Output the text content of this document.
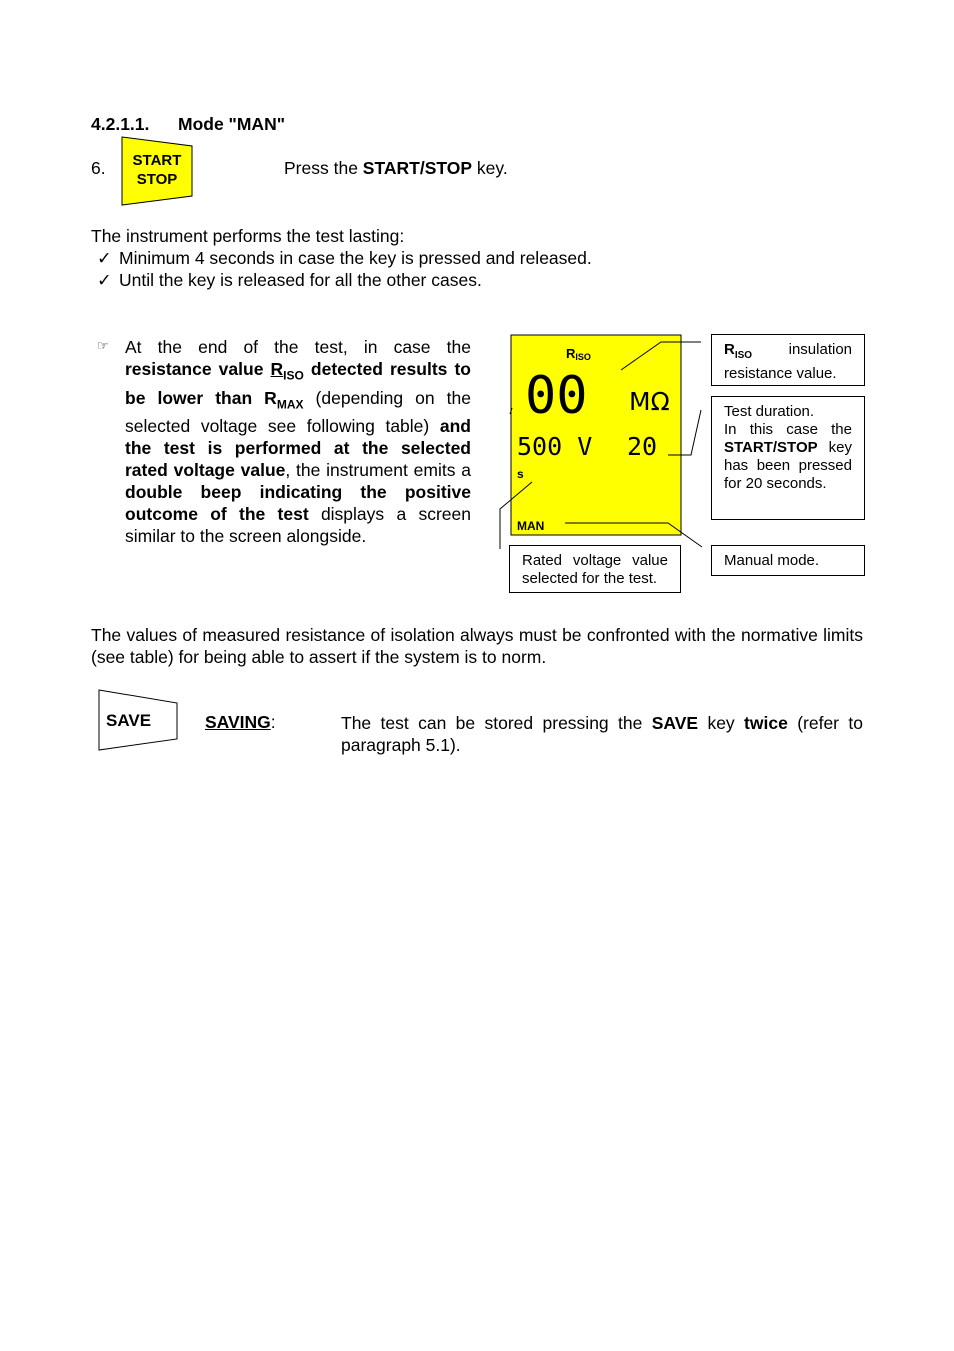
4.2.1.1. Mode "MAN"
6. START
STOP
Press the START/STOP key.
The instrument performs the test lasting:
✓ Minimum 4 seconds in case the key is pressed and released.
✓ Until the key is released for all the other cases.
☞ At the end of the test, in case the resistance value $R_{ISO}$ detected results to be lower than $R_{MAX}$ (depending on the selected voltage see following table) and the test is performed at the selected rated voltage value, the instrument emits a double beep indicating the positive outcome of the test displays a screen similar to the screen alongside.
RISO
00 MΩ
500 V 20
s
MAN
$R_{ISO}$ insulation resistance value.
Test duration.
In this case the START/STOP key has been pressed for 20 seconds.
Rated voltage value selected for the test.
Manual mode.
The values of measured resistance of isolation always must be confronted with the normative limits (see table) for being able to assert if the system is to norm.
SAVE	SAVING:	The test can be stored pressing the SAVE key twice (refer to paragraph 5.1).
